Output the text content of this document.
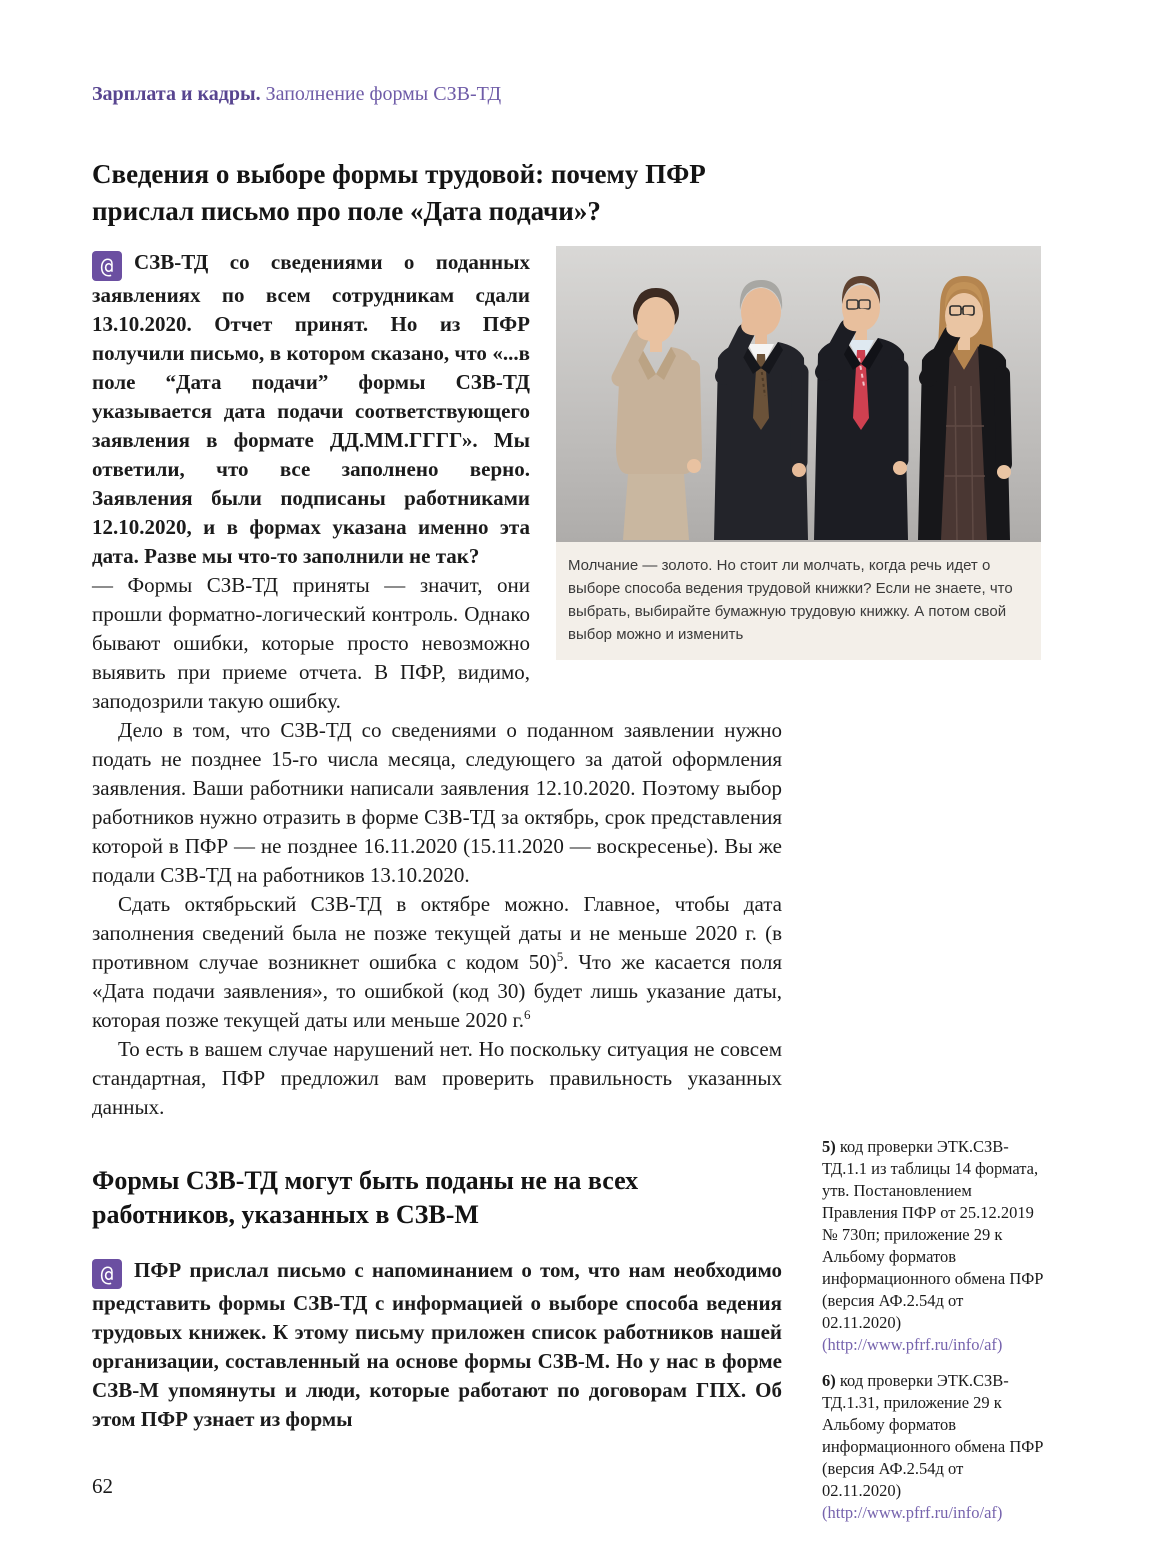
Зарплата и кадры. Заполнение формы СЗВ-ТД
Молчание — золото. Но стоит ли молчать, когда речь идет о выборе способа ведения трудовой книжки? Если не знаете, что выбрать, выбирайте бумажную трудовую книжку. А потом свой выбор можно и изменить
Сведения о выборе формы трудовой: почему ПФР прислал письмо про поле «Дата подачи»?

@ СЗВ-ТД со сведениями о поданных заявлениях по всем сотрудникам сдали 13.10.2020. Отчет принят. Но из ПФР получили письмо, в котором сказано, что «...в поле “Дата подачи” формы СЗВ-ТД указывается дата подачи соответствующего заявления в формате ДД.ММ.ГГГГ». Мы ответили, что все заполнено верно. Заявления были подписаны работниками 12.10.2020, и в формах указана именно эта дата. Разве мы что-то заполнили не так?

— Формы СЗВ-ТД приняты — значит, они прошли форматно-логический контроль. Однако бывают ошибки, которые просто невозможно выявить при приеме отчета. В ПФР, видимо, заподозрили такую ошибку.

Дело в том, что СЗВ-ТД со сведениями о поданном заявлении нужно подать не позднее 15-го числа месяца, следующего за датой оформления заявления. Ваши работники написали заявления 12.10.2020. Поэтому выбор работников нужно отразить в форме СЗВ-ТД за октябрь, срок представления которой в ПФР — не позднее 16.11.2020 (15.11.2020 — воскресенье). Вы же подали СЗВ-ТД на работников 13.10.2020.

Сдать октябрьский СЗВ-ТД в октябре можно. Главное, чтобы дата заполнения сведений была не позже текущей даты и не меньше 2020 г. (в противном случае возникнет ошибка с кодом 50)$^5$. Что же касается поля «Дата подачи заявления», то ошибкой (код 30) будет лишь указание даты, которая позже текущей даты или меньше 2020 г.$^6$

То есть в вашем случае нарушений нет. Но поскольку ситуация не совсем стандартная, ПФР предложил вам проверить правильность указанных данных.

Формы СЗВ-ТД могут быть поданы не на всех работников, указанных в СЗВ-М

@ ПФР прислал письмо с напоминанием о том, что нам необходимо представить формы СЗВ-ТД с информацией о выборе способа ведения трудовых книжек. К этому письму приложен список работников нашей организации, составленный на основе формы СЗВ-М. Но у нас в форме СЗВ-М упомянуты и люди, которые работают по договорам ГПХ. Об этом ПФР узнает из формы

5) код проверки ЭТК.СЗВ-ТД.1.1 из таблицы 14 формата, утв. Постановлением Правления ПФР от 25.12.2019 № 730п; приложение 29 к Альбому форматов информационного обмена ПФР (версия АФ.2.54д от 02.11.2020)
(http://www.pfrf.ru/info/af)

6) код проверки ЭТК.СЗВ-ТД.1.31, приложение 29 к Альбому форматов информационного обмена ПФР (версия АФ.2.54д от 02.11.2020)
(http://www.pfrf.ru/info/af)

62
